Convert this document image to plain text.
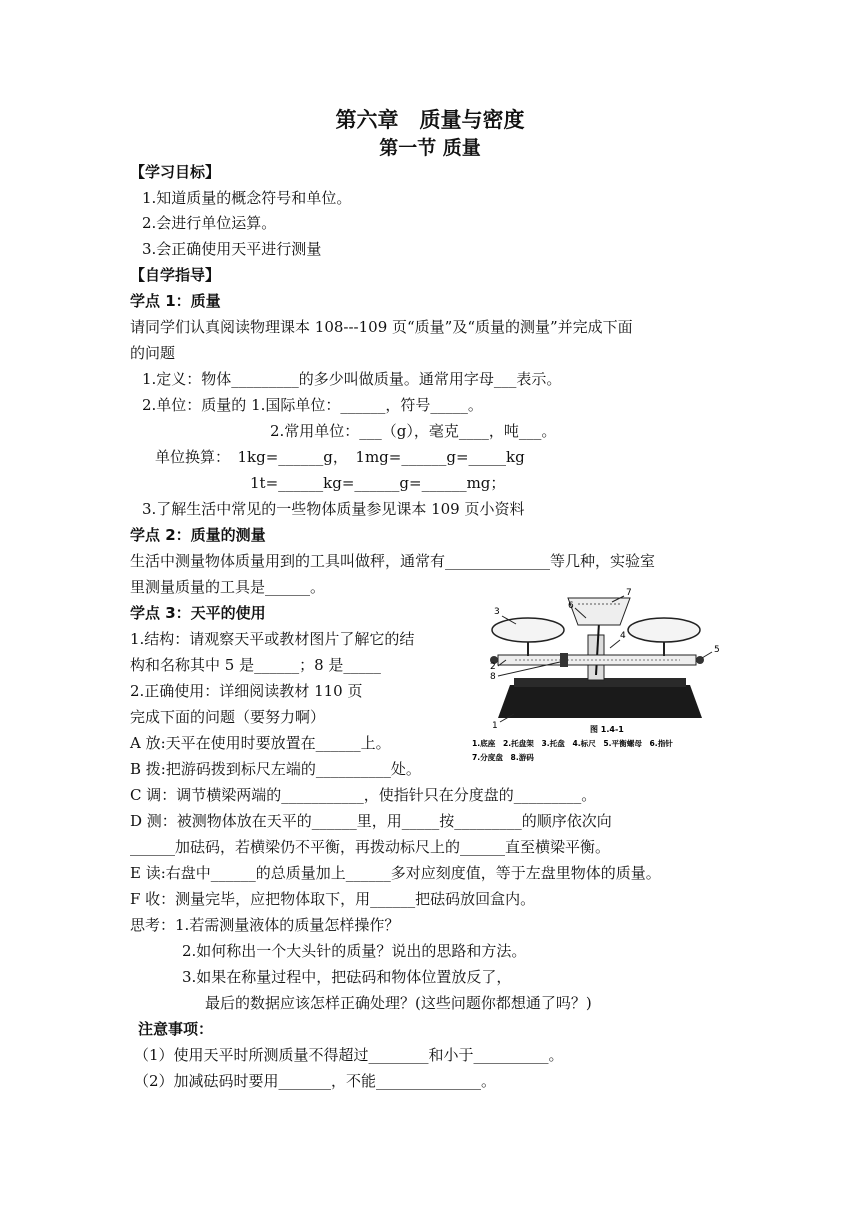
第六章　质量与密度
第一节 质量
【学习目标】
1.知道质量的概念符号和单位。
2.会进行单位运算。
3.会正确使用天平进行测量
【自学指导】
学点 1：质量
请同学们认真阅读物理课本 108---109 页“质量”及“质量的测量”并完成下面
的问题
1.定义：物体_________的多少叫做质量。通常用字母___表示。
2.单位：质量的 1.国际单位：______，符号_____。
2.常用单位：___（g），毫克____，吨___。
单位换算：　1kg=______g，　1mg=______g=_____kg
1t=______kg=______g=______mg；
3.了解生活中常见的一些物体质量参见课本 109 页小资料
学点 2：质量的测量
生活中测量物体质量用到的工具叫做秤，通常有______________等几种，实验室
里测量质量的工具是______。
学点 3：天平的使用
1.结构：请观察天平或教材图片了解它的结
构和名称其中 5 是______；8 是_____
2.正确使用：详细阅读教材 110 页
完成下面的问题（要努力啊）
A 放:天平在使用时要放置在______上。
B 拨:把游码拨到标尺左端的__________处。
C 调：调节横梁两端的___________，使指针只在分度盘的_________。
D 测：被测物体放在天平的______里，用_____按_________的顺序依次向
______加砝码，若横梁仍不平衡，再拨动标尺上的______直至横梁平衡。
E 读:右盘中______的总质量加上______多对应刻度值，等于左盘里物体的质量。
F 收：测量完毕，应把物体取下，用______把砝码放回盒内。
思考：1.若需测量液体的质量怎样操作？
2.如何称出一个大头针的质量？说出的思路和方法。
3.如果在称量过程中，把砝码和物体位置放反了，
最后的数据应该怎样正确处理？(这些问题你都想通了吗？)
注意事项：
（1）使用天平时所测质量不得超过________和小于__________。
（2）加减砝码时要用_______，不能______________。
3
2
8
6
4
5
7
1	图 1.4-1
1.底座　2.托盘架　3.托盘　4.标尺　5.平衡螺母　6.指针
7.分度盘　8.游码
